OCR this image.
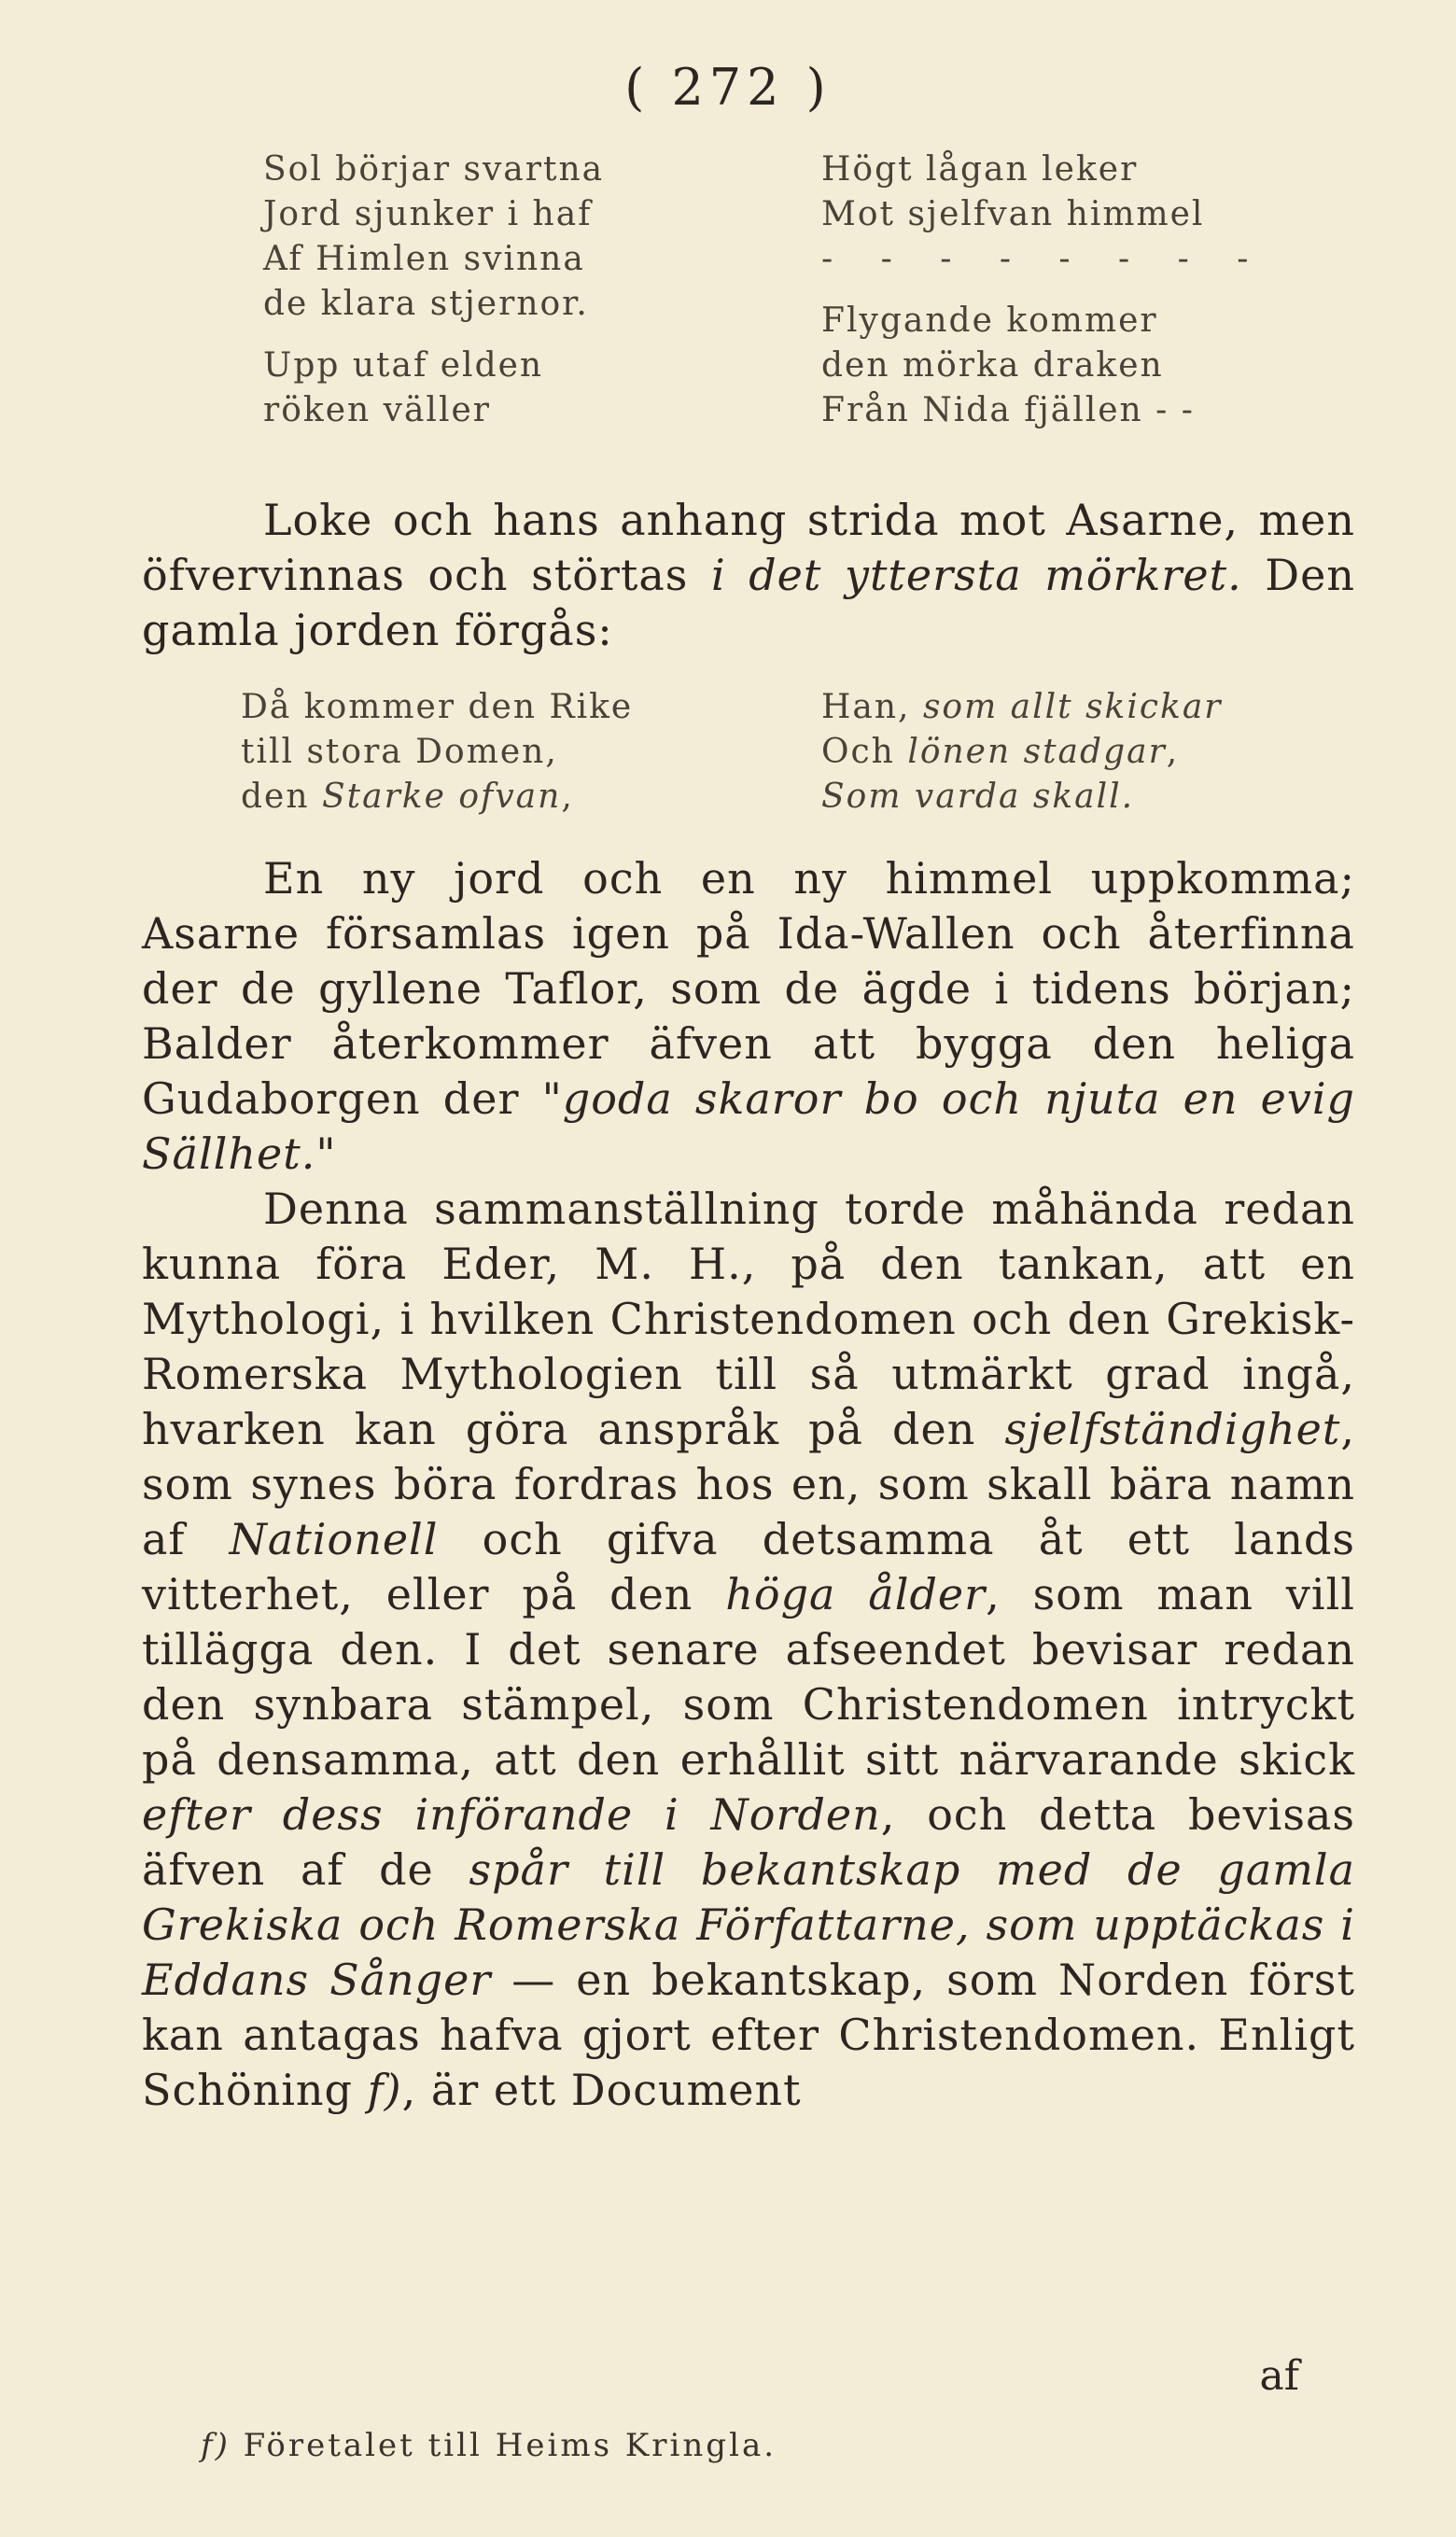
( 272 )
Sol börjar svartna
Jord sjunker i haf
Af Himlen svinna
de klara stjernor.
Upp utaf elden
röken väller
Högt lågan leker
Mot sjelfvan himmel
- - - - - - - -
Flygande kommer
den mörka draken
Från Nida fjällen - -

Loke och hans anhang strida mot Asarne, men öfvervinnas och störtas i det yttersta mörkret. Den gamla jorden förgås:

Då kommer den Rike
till stora Domen,
den Starke ofvan,
Han, som allt skickar
Och lönen stadgar,
Som varda skall.

En ny jord och en ny himmel uppkomma; Asarne församlas igen på Ida-Wallen och återfinna der de gyllene Taflor, som de ägde i tidens början; Balder återkommer äfven att bygga den heliga Gudaborgen der "goda skaror bo och njuta en evig Sällhet."

Denna sammanställning torde måhända redan kunna föra Eder, M. H., på den tankan, att en Mythologi, i hvilken Christendomen och den Grekisk-Romerska Mythologien till så utmärkt grad ingå, hvarken kan göra anspråk på den sjelfständighet, som synes böra fordras hos en, som skall bära namn af Nationell och gifva detsamma åt ett lands vitterhet, eller på den höga ålder, som man vill tillägga den. I det senare afseendet bevisar redan den synbara stämpel, som Christendomen intryckt på densamma, att den erhållit sitt närvarande skick efter dess införande i Norden, och detta bevisas äfven af de spår till bekantskap med de gamla Grekiska och Romerska Författarne, som upptäckas i Eddans Sånger — en bekantskap, som Norden först kan antagas hafva gjort efter Christendomen. Enligt Schöning f), är ett Document

af
f) Företalet till Heims Kringla.
